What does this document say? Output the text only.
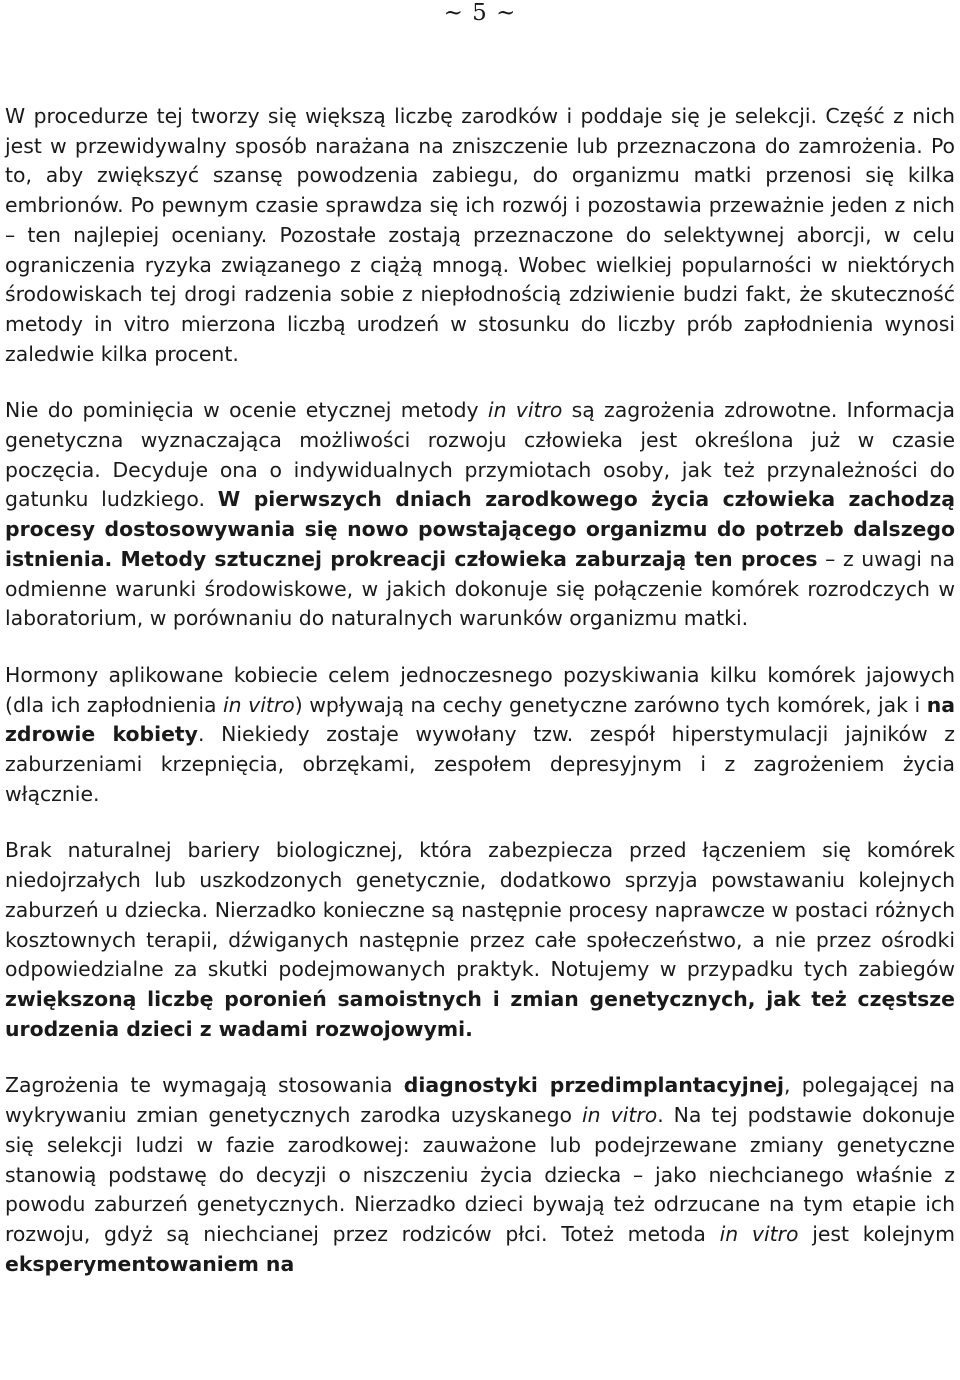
~ 5 ~

W procedurze tej tworzy się większą liczbę zarodków i poddaje się je selekcji. Część z nich jest w przewidywalny sposób narażana na zniszczenie lub przeznaczona do zamrożenia. Po to, aby zwiększyć szansę powodzenia zabiegu, do organizmu matki przenosi się kilka embrionów. Po pewnym czasie sprawdza się ich rozwój i pozostawia przeważnie jeden z nich – ten najlepiej oceniany. Pozostałe zostają przeznaczone do selektywnej aborcji, w celu ograniczenia ryzyka związanego z ciążą mnogą. Wobec wielkiej popularności w niektórych środowiskach tej drogi radzenia sobie z niepłodnością zdziwienie budzi fakt, że skuteczność metody in vitro mierzona liczbą urodzeń w stosunku do liczby prób zapłodnienia wynosi zaledwie kilka procent.

Nie do pominięcia w ocenie etycznej metody in vitro są zagrożenia zdrowotne. Informacja genetyczna wyznaczająca możliwości rozwoju człowieka jest określona już w czasie poczęcia. Decyduje ona o indywidualnych przymiotach osoby, jak też przynależności do gatunku ludzkiego. W pierwszych dniach zarodkowego życia człowieka zachodzą procesy dostosowywania się nowo powstającego organizmu do potrzeb dalszego istnienia. Metody sztucznej prokreacji człowieka zaburzają ten proces – z uwagi na odmienne warunki środowiskowe, w jakich dokonuje się połączenie komórek rozrodczych w laboratorium, w porównaniu do naturalnych warunków organizmu matki.

Hormony aplikowane kobiecie celem jednoczesnego pozyskiwania kilku komórek jajowych (dla ich zapłodnienia in vitro) wpływają na cechy genetyczne zarówno tych komórek, jak i na zdrowie kobiety. Niekiedy zostaje wywołany tzw. zespół hiperstymulacji jajników z zaburzeniami krzepnięcia, obrzękami, zespołem depresyjnym i z zagrożeniem życia włącznie.

Brak naturalnej bariery biologicznej, która zabezpiecza przed łączeniem się komórek niedojrzałych lub uszkodzonych genetycznie, dodatkowo sprzyja powstawaniu kolejnych zaburzeń u dziecka. Nierzadko konieczne są następnie procesy naprawcze w postaci różnych kosztownych terapii, dźwiganych następnie przez całe społeczeństwo, a nie przez ośrodki odpowiedzialne za skutki podejmowanych praktyk. Notujemy w przypadku tych zabiegów zwiększoną liczbę poronień samoistnych i zmian genetycznych, jak też częstsze urodzenia dzieci z wadami rozwojowymi.

Zagrożenia te wymagają stosowania diagnostyki przedimplantacyjnej, polegającej na wykrywaniu zmian genetycznych zarodka uzyskanego in vitro. Na tej podstawie dokonuje się selekcji ludzi w fazie zarodkowej: zauważone lub podejrzewane zmiany genetyczne stanowią podstawę do decyzji o niszczeniu życia dziecka – jako niechcianego właśnie z powodu zaburzeń genetycznych. Nierzadko dzieci bywają też odrzucane na tym etapie ich rozwoju, gdyż są niechcianej przez rodziców płci. Toteż metoda in vitro jest kolejnym eksperymentowaniem na
